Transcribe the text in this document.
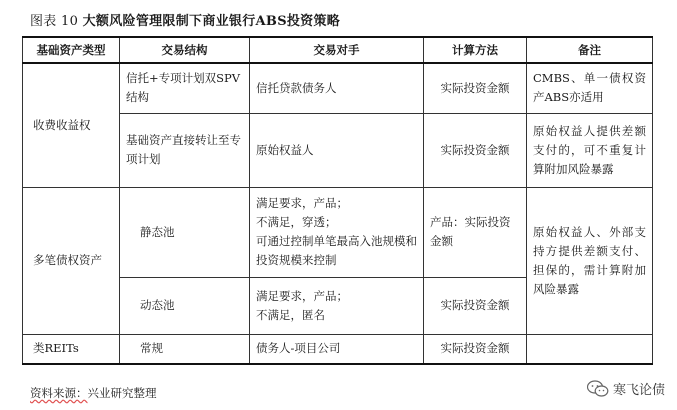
图表 10 大额风险管理限制下商业银行ABS投资策略
基础资产类型	交易结构	交易对手	计算方法	备注
收费收益权	信托+专项计划双SPV结构	信托贷款债务人	实际投资金额	CMBS、单一债权资产ABS亦适用
	基础资产直接转让至专项计划	原始权益人	实际投资金额	原始权益人提供差额支付的，可不重复计算附加风险暴露
多笔债权资产	静态池	满足要求，产品；
不满足，穿透；
可通过控制单笔最高入池规模和投资规模来控制	产品：实际投资金额	原始权益人、外部支持方提供差额支付、担保的，需计算附加风险暴露
	动态池	满足要求，产品；
不满足，匿名	实际投资金额	
类REITs	常规	债务人-项目公司	实际投资金额	
资料来源：兴业研究整理	寒飞论债
